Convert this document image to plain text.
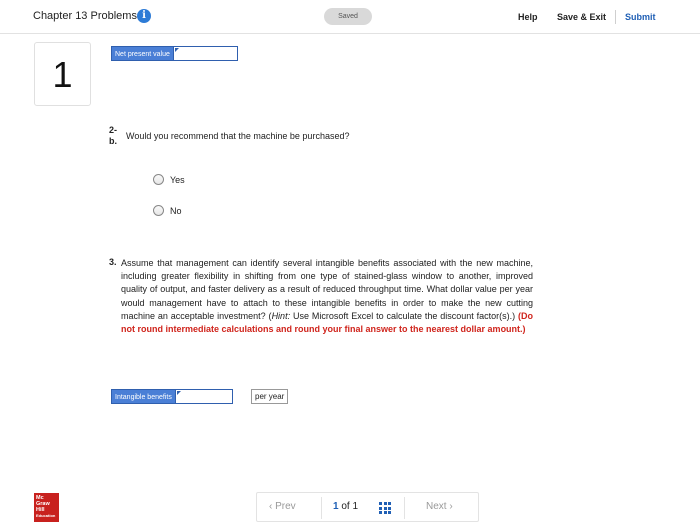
Chapter 13 Problems i	Saved	Help Save & Exit Submit
1	Net present value
2-
b. Would you recommend that the machine be purchased?
Yes
No
3. Assume that management can identify several intangible benefits associated with the new machine, including greater flexibility in shifting from one type of stained-glass window to another, improved quality of output, and faster delivery as a result of reduced throughput time. What dollar value per year would management have to attach to these intangible benefits in order to make the new cutting machine an acceptable investment? (Hint: Use Microsoft Excel to calculate the discount factor(s).) (Do not round intermediate calculations and round your final answer to the nearest dollar amount.)
Intangible benefits	per year
Mc
Graw
Hill
Education
‹ Prev	1 of 1	Next ›
